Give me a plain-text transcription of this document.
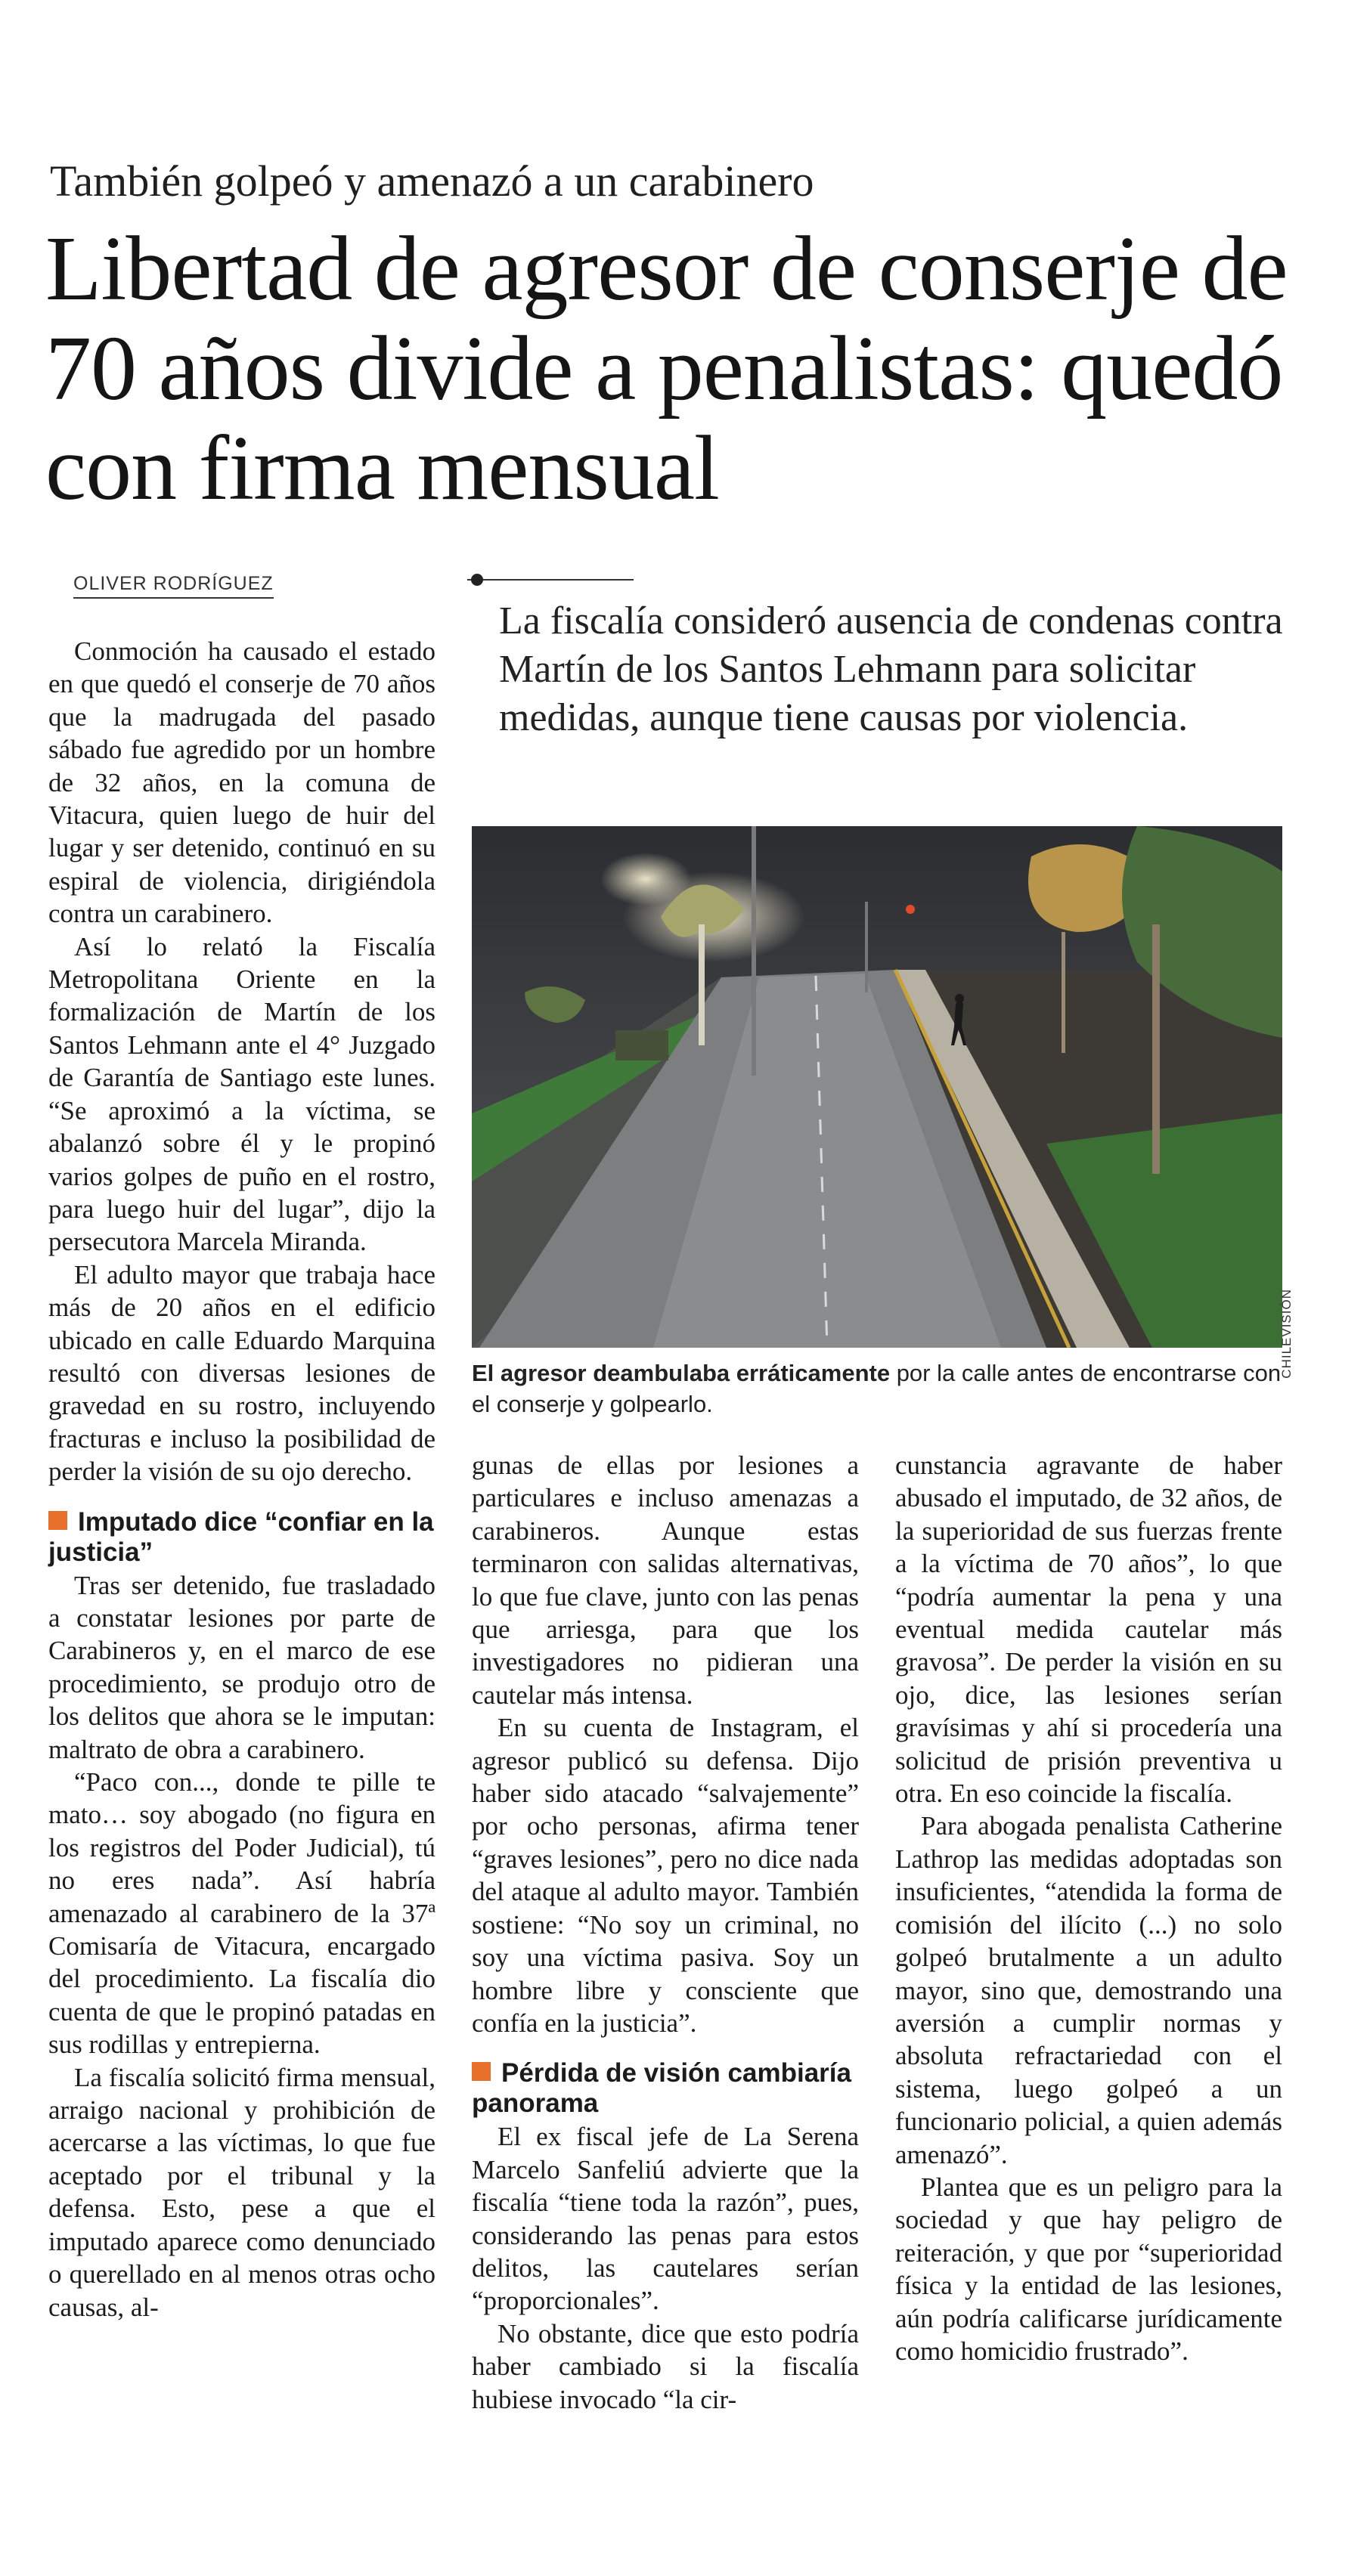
También golpeó y amenazó a un carabinero
Libertad de agresor de conserje de 70 años divide a penalistas: quedó con firma mensual
OLIVER RODRÍGUEZ
La fiscalía consideró ausencia de condenas contra Martín de los Santos Lehmann para solicitar medidas, aunque tiene causas por violencia.
CHILEVISIÓN
El agresor deambulaba erráticamente por la calle antes de encontrarse con el conserje y golpearlo.

Conmoción ha causado el estado en que quedó el conserje de 70 años que la madrugada del pasado sábado fue agredido por un hombre de 32 años, en la comuna de Vitacura, quien luego de huir del lugar y ser detenido, continuó en su espiral de violencia, dirigiéndola contra un carabinero.

Así lo relató la Fiscalía Metropolitana Oriente en la formalización de Martín de los Santos Lehmann ante el 4° Juzgado de Garantía de Santiago este lunes. “Se aproximó a la víctima, se abalanzó sobre él y le propinó varios golpes de puño en el rostro, para luego huir del lugar”, dijo la persecutora Marcela Miranda.

El adulto mayor que trabaja hace más de 20 años en el edificio ubicado en calle Eduardo Marquina resultó con diversas lesiones de gravedad en su rostro, incluyendo fracturas e incluso la posibilidad de perder la visión de su ojo derecho.

Imputado dice “confiar en la justicia”

Tras ser detenido, fue trasladado a constatar lesiones por parte de Carabineros y, en el marco de ese procedimiento, se produjo otro de los delitos que ahora se le imputan: maltrato de obra a carabinero.

“Paco con..., donde te pille te mato… soy abogado (no figura en los registros del Poder Judicial), tú no eres nada”. Así habría amenazado al carabinero de la 37ª Comisaría de Vitacura, encargado del procedimiento. La fiscalía dio cuenta de que le propinó patadas en sus rodillas y entrepierna.

La fiscalía solicitó firma mensual, arraigo nacional y prohibición de acercarse a las víctimas, lo que fue aceptado por el tribunal y la defensa. Esto, pese a que el imputado aparece como denunciado o querellado en al menos otras ocho causas, al-

gunas de ellas por lesiones a particulares e incluso amenazas a carabineros. Aunque estas terminaron con salidas alternativas, lo que fue clave, junto con las penas que arriesga, para que los investigadores no pidieran una cautelar más intensa.

En su cuenta de Instagram, el agresor publicó su defensa. Dijo haber sido atacado “salvajemente” por ocho personas, afirma tener “graves lesiones”, pero no dice nada del ataque al adulto mayor. También sostiene: “No soy un criminal, no soy una víctima pasiva. Soy un hombre libre y consciente que confía en la justicia”.

Pérdida de visión cambiaría panorama

El ex fiscal jefe de La Serena Marcelo Sanfeliú advierte que la fiscalía “tiene toda la razón”, pues, considerando las penas para estos delitos, las cautelares serían “proporcionales”.

No obstante, dice que esto podría haber cambiado si la fiscalía hubiese invocado “la cir-

cunstancia agravante de haber abusado el imputado, de 32 años, de la superioridad de sus fuerzas frente a la víctima de 70 años”, lo que “podría aumentar la pena y una eventual medida cautelar más gravosa”. De perder la visión en su ojo, dice, las lesiones serían gravísimas y ahí si procedería una solicitud de prisión preventiva u otra. En eso coincide la fiscalía.

Para abogada penalista Catherine Lathrop las medidas adoptadas son insuficientes, “atendida la forma de comisión del ilícito (...) no solo golpeó brutalmente a un adulto mayor, sino que, demostrando una aversión a cumplir normas y absoluta refractariedad con el sistema, luego golpeó a un funcionario policial, a quien además amenazó”.

Plantea que es un peligro para la sociedad y que hay peligro de reiteración, y que por “superioridad física y la entidad de las lesiones, aún podría calificarse jurídicamente como homicidio frustrado”.
